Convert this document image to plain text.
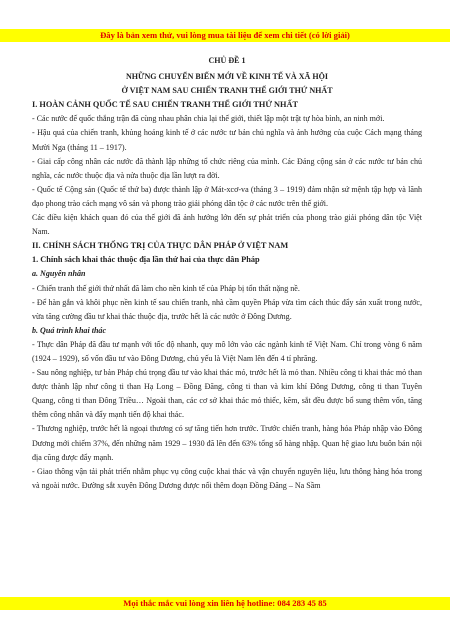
Đây là bản xem thử, vui lòng mua tài liệu để xem chi tiết (có lời giải)

CHỦ ĐỀ 1

NHỮNG CHUYỂN BIẾN MỚI VỀ KINH TẾ VÀ XÃ HỘI

Ở VIỆT NAM SAU CHIẾN TRANH THẾ GIỚI THỨ NHẤT

I. HOÀN CẢNH QUỐC TẾ SAU CHIẾN TRANH THẾ GIỚI THỨ NHẤT

- Các nước đế quốc thắng trận đã cùng nhau phân chia lại thế giới, thiết lập một trật tự hòa bình, an ninh mới.

- Hậu quả của chiến tranh, khủng hoảng kinh tế ở các nước tư bản chủ nghĩa và ảnh hưởng của cuộc Cách mạng tháng Mười Nga (tháng 11 – 1917).

- Giai cấp công nhân các nước đã thành lập những tổ chức riêng của mình. Các Đảng cộng sản ở các nước tư bản chủ nghĩa, các nước thuộc địa và nửa thuộc địa lần lượt ra đời.

- Quốc tế Cộng sản (Quốc tế thứ ba) được thành lập ở Mát-xcơ-va (tháng 3 – 1919) đảm nhận sứ mệnh tập hợp và lãnh đạo phong trào cách mạng vô sản và phong trào giải phóng dân tộc ở các nước trên thế giới.

Các điều kiện khách quan đó của thế giới đã ảnh hưởng lớn đến sự phát triển của phong trào giải phóng dân tộc Việt Nam.

II. CHÍNH SÁCH THỐNG TRỊ CỦA THỰC DÂN PHÁP Ở VIỆT NAM

1. Chính sách khai thác thuộc địa lần thứ hai của thực dân Pháp

a. Nguyên nhân

- Chiến tranh thế giới thứ nhất đã làm cho nền kinh tế của Pháp bị tổn thất nặng nề.

- Để hàn gắn và khôi phục nền kinh tế sau chiến tranh, nhà cầm quyền Pháp vừa tìm cách thúc đẩy sản xuất trong nước, vừa tăng cường đầu tư khai thác thuộc địa, trước hết là các nước ở Đông Dương.

b. Quá trình khai thác

- Thực dân Pháp đã đầu tư mạnh với tốc độ nhanh, quy mô lớn vào các ngành kinh tế Việt Nam. Chỉ trong vòng 6 năm (1924 – 1929), số vốn đầu tư vào Đông Dương, chủ yếu là Việt Nam lên đến 4 tỉ phrăng.

- Sau nông nghiệp, tư bản Pháp chú trọng đầu tư vào khai thác mỏ, trước hết là mỏ than. Nhiều công ti khai thác mỏ than được thành lập như công ti than Hạ Long – Đồng Đăng, công ti than và kim khí Đông Dương, công ti than Tuyên Quang, công ti than Đông Triều… Ngoài than, các cơ sở khai thác mỏ thiếc, kẽm, sắt đều được bổ sung thêm vốn, tăng thêm công nhân và đẩy mạnh tiến độ khai thác.

- Thương nghiệp, trước hết là ngoại thương có sự tăng tiến hơn trước. Trước chiến tranh, hàng hóa Pháp nhập vào Đông Dương mới chiếm 37%, đến những năm 1929 – 1930 đã lên đến 63% tổng số hàng nhập. Quan hệ giao lưu buôn bán nội địa cũng được đẩy mạnh.

- Giao thông vận tải phát triển nhằm phục vụ công cuộc khai thác và vận chuyển nguyên liệu, lưu thông hàng hóa trong và ngoài nước. Đường sắt xuyên Đông Dương được nối thêm đoạn Đồng Đăng – Na Sầm

Mọi thắc mắc vui lòng xin liên hệ hotline: 084 283 45 85
